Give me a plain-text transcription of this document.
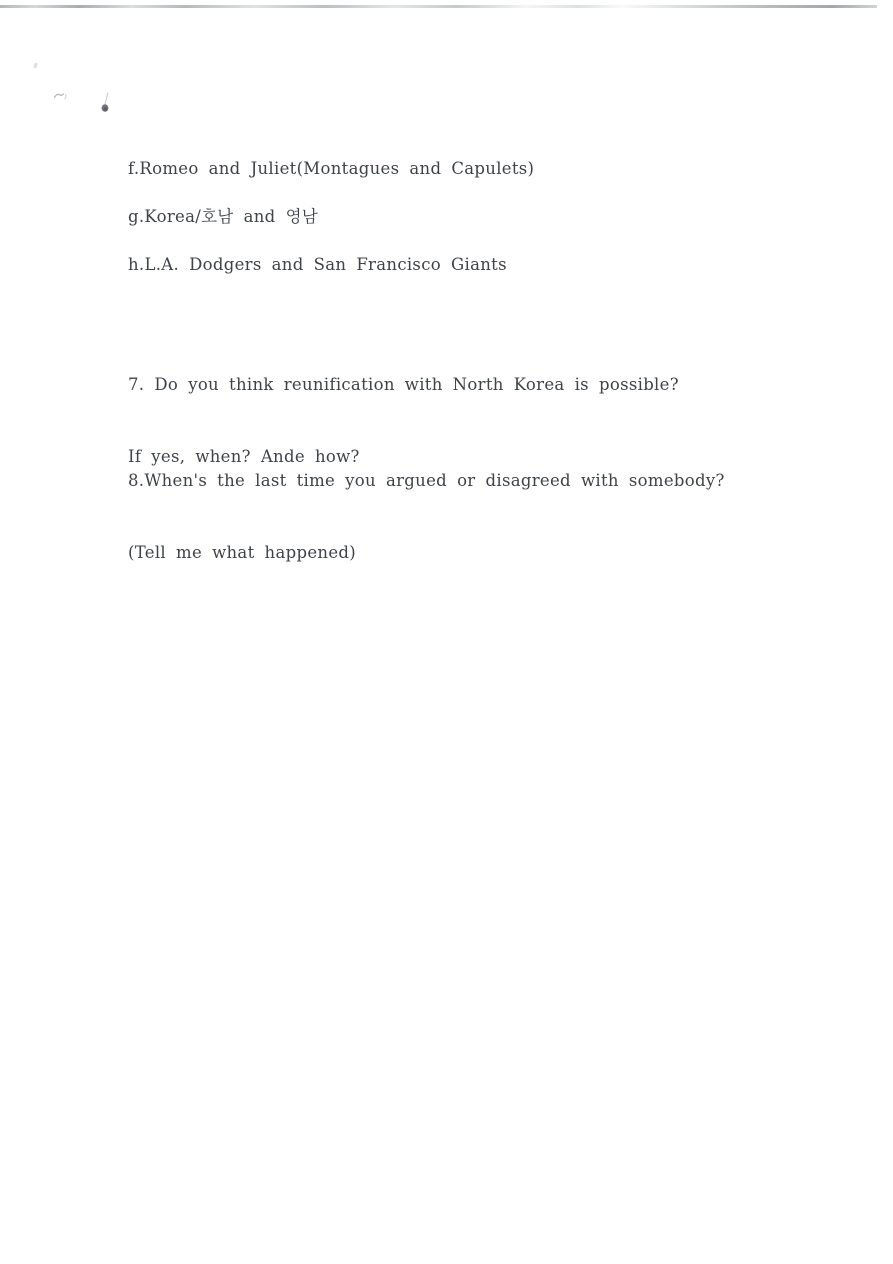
f.Romeo and Juliet(Montagues and Capulets)
g.Korea/호남 and 영남
h.L.A. Dodgers and San Francisco Giants

7. Do you think reunification with North Korea is possible?

If yes, when? Ande how?

8.When's the last time you argued or disagreed with somebody?

(Tell me what happened)
